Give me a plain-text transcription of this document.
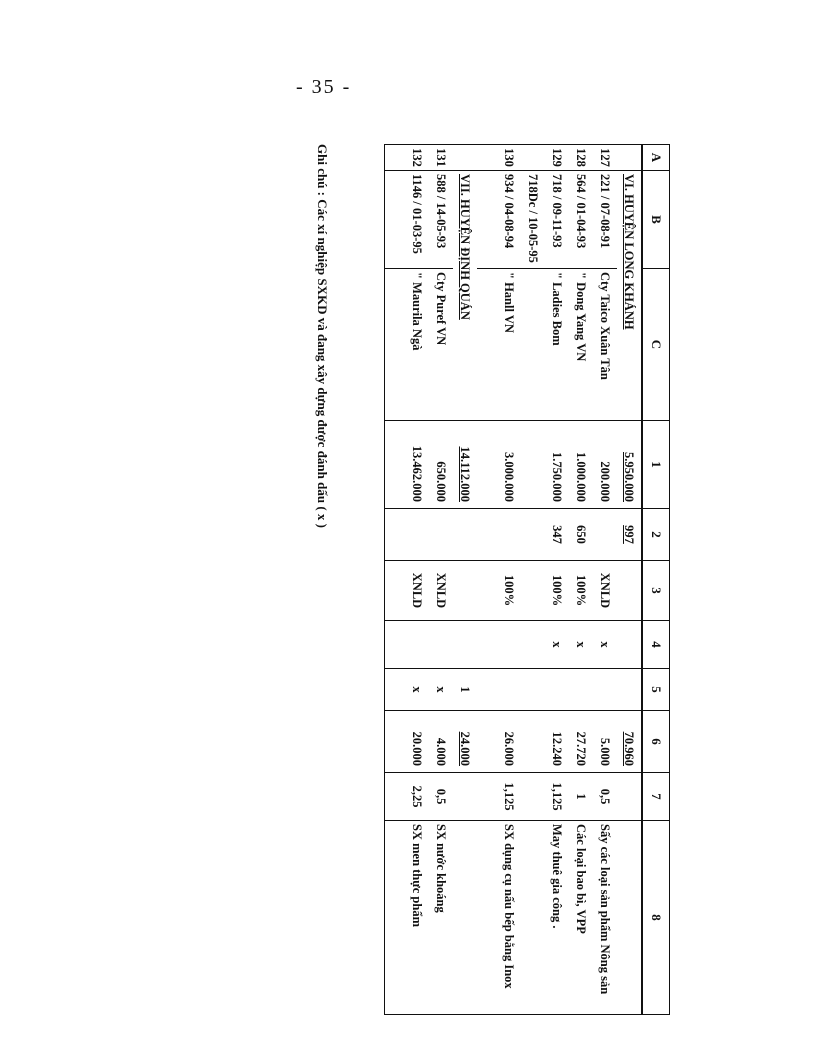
- 35 -
A	B	C	1	2	3	4	5	6	7	8
	VI. HUYỆN LONG KHÁNH		5.950.000	997				70.960		
127	221 / 07-08-91	Cty Taico Xuân Tân	200.000		XNLD	x		5.000	0,5	Sấy các loại sản phẩm Nông sản
128	564 / 01-04-93	" Dong Yang VN	1.000.000	650	100%	x		27.720	1	Các loại bao bì, VPP
129	718 / 09-11-93	" Ladies Bom	1.750.000	347	100%	x		12.240	1,125	May thuê gia công .
	718Dc / 10-05-95									
130	934 / 04-08-94	" Hanll VN	3.000.000		100%			26.000	1,125	SX dụng cụ nấu bếp bằng Inox

	VII. HUYỆN ĐỊNH QUÁN		14.112.000				1	24.000		
131	588 / 14-05-93	Cty Puref VN	650.000		XNLD		x	4.000	0,5	SX nước khoáng
132	1146 / 01-03-95	" Maurila Ngà	13.462.000		XNLD		x	20.000	2,25	SX men thực phẩm

Ghi chú : Các xí nghiệp SXKD và đang xây dựng được đánh dấu ( x )
